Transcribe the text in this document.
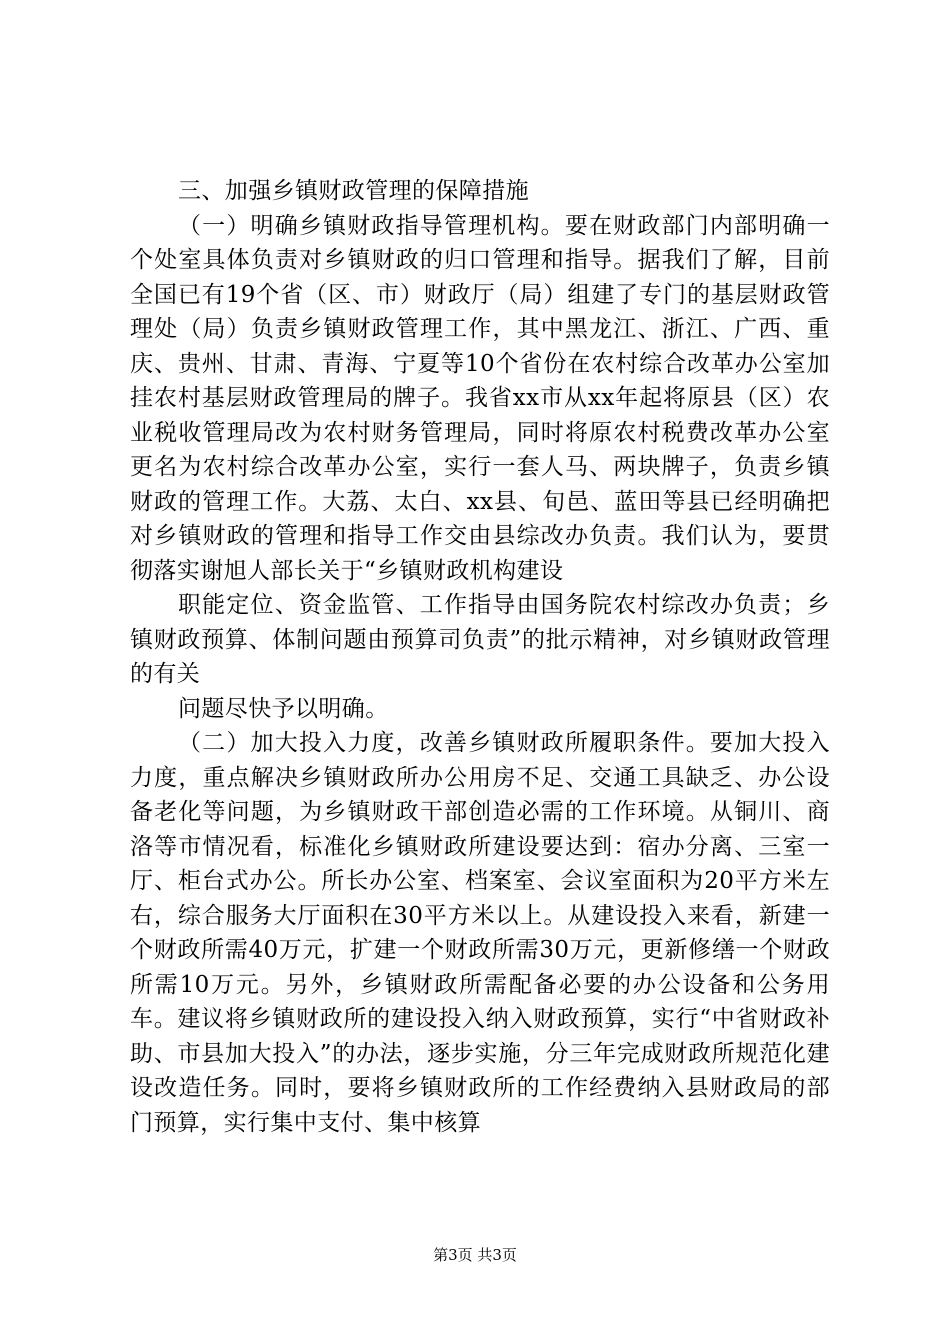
三、加强乡镇财政管理的保障措施

（一）明确乡镇财政指导管理机构。要在财政部门内部明确一个处室具体负责对乡镇财政的归口管理和指导。据我们了解，目前全国已有19个省（区、市）财政厅（局）组建了专门的基层财政管理处（局）负责乡镇财政管理工作，其中黑龙江、浙江、广西、重庆、贵州、甘肃、青海、宁夏等10个省份在农村综合改革办公室加挂农村基层财政管理局的牌子。我省xx市从xx年起将原县（区）农业税收管理局改为农村财务管理局，同时将原农村税费改革办公室更名为农村综合改革办公室，实行一套人马、两块牌子，负责乡镇财政的管理工作。大荔、太白、xx县、旬邑、蓝田等县已经明确把对乡镇财政的管理和指导工作交由县综改办负责。我们认为，要贯彻落实谢旭人部长关于“乡镇财政机构建设

职能定位、资金监管、工作指导由国务院农村综改办负责；乡镇财政预算、体制问题由预算司负责”的批示精神，对乡镇财政管理的有关

问题尽快予以明确。

（二）加大投入力度，改善乡镇财政所履职条件。要加大投入力度，重点解决乡镇财政所办公用房不足、交通工具缺乏、办公设备老化等问题，为乡镇财政干部创造必需的工作环境。从铜川、商洛等市情况看，标准化乡镇财政所建设要达到：宿办分离、三室一厅、柜台式办公。所长办公室、档案室、会议室面积为20平方米左右，综合服务大厅面积在30平方米以上。从建设投入来看，新建一个财政所需40万元，扩建一个财政所需30万元，更新修缮一个财政所需10万元。另外，乡镇财政所需配备必要的办公设备和公务用车。建议将乡镇财政所的建设投入纳入财政预算，实行“中省财政补助、市县加大投入”的办法，逐步实施，分三年完成财政所规范化建设改造任务。同时，要将乡镇财政所的工作经费纳入县财政局的部门预算，实行集中支付、集中核算

第3页 共3页
